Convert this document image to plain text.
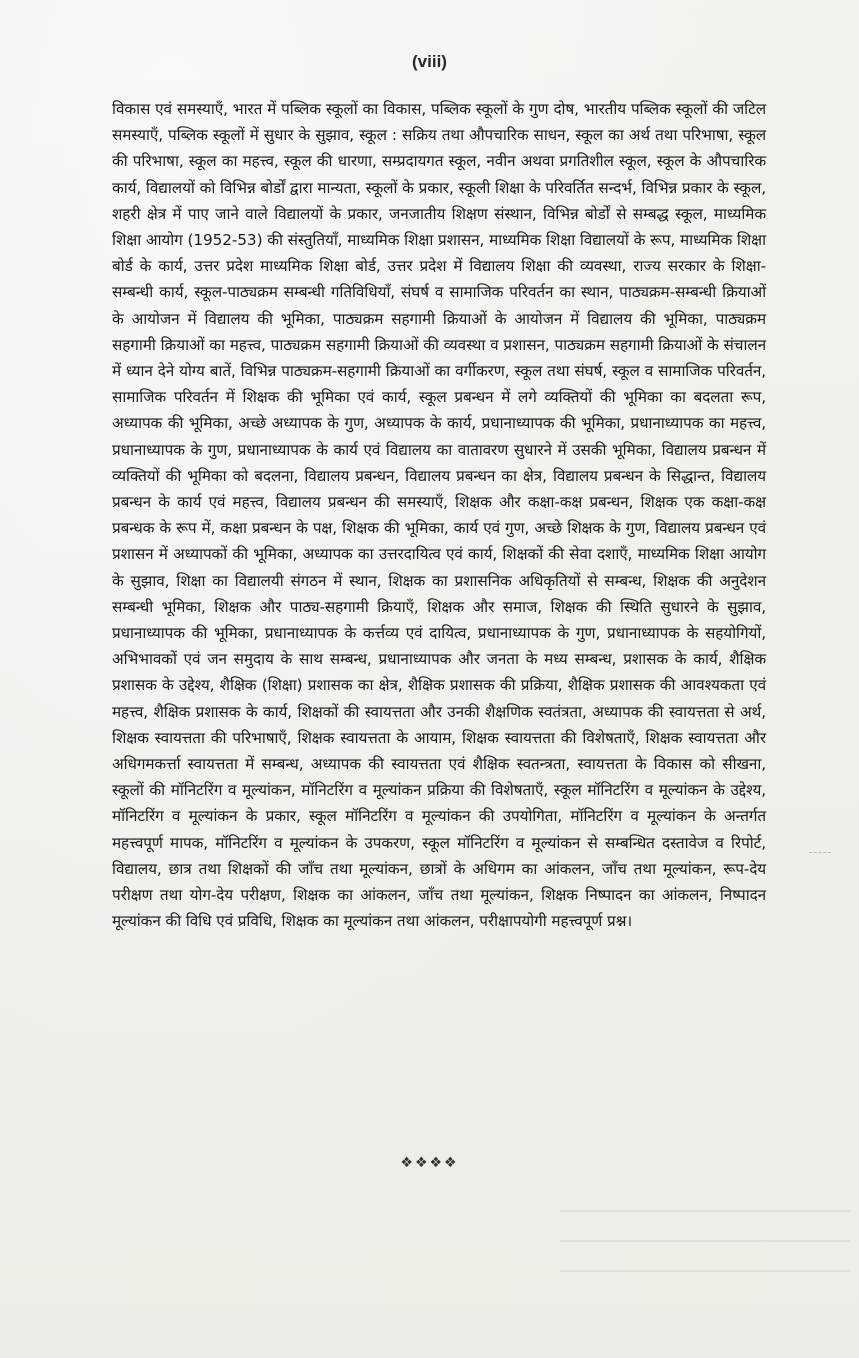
(viii)

विकास एवं समस्याएँ, भारत में पब्लिक स्कूलों का विकास, पब्लिक स्कूलों के गुण दोष, भारतीय पब्लिक स्कूलों की जटिल समस्याएँ, पब्लिक स्कूलों में सुधार के सुझाव, स्कूल : सक्रिय तथा औपचारिक साधन, स्कूल का अर्थ तथा परिभाषा, स्कूल की परिभाषा, स्कूल का महत्त्व, स्कूल की धारणा, सम्प्रदायगत स्कूल, नवीन अथवा प्रगतिशील स्कूल, स्कूल के औपचारिक कार्य, विद्यालयों को विभिन्न बोर्डों द्वारा मान्यता, स्कूलों के प्रकार, स्कूली शिक्षा के परिवर्तित सन्दर्भ, विभिन्न प्रकार के स्कूल, शहरी क्षेत्र में पाए जाने वाले विद्यालयों के प्रकार, जनजातीय शिक्षण संस्थान, विभिन्न बोर्डों से सम्बद्ध स्कूल, माध्यमिक शिक्षा आयोग (1952-53) की संस्तुतियाँ, माध्यमिक शिक्षा प्रशासन, माध्यमिक शिक्षा विद्यालयों के रूप, माध्यमिक शिक्षा बोर्ड के कार्य, उत्तर प्रदेश माध्यमिक शिक्षा बोर्ड, उत्तर प्रदेश में विद्यालय शिक्षा की व्यवस्था, राज्य सरकार के शिक्षा-सम्बन्धी कार्य, स्कूल-पाठ्यक्रम सम्बन्धी गतिविधियाँ, संघर्ष व सामाजिक परिवर्तन का स्थान, पाठ्यक्रम-सम्बन्धी क्रियाओं के आयोजन में विद्यालय की भूमिका, पाठ्यक्रम सहगामी क्रियाओं के आयोजन में विद्यालय की भूमिका, पाठ्यक्रम सहगामी क्रियाओं का महत्त्व, पाठ्यक्रम सहगामी क्रियाओं की व्यवस्था व प्रशासन, पाठ्यक्रम सहगामी क्रियाओं के संचालन में ध्यान देने योग्य बातें, विभिन्न पाठ्यक्रम-सहगामी क्रियाओं का वर्गीकरण, स्कूल तथा संघर्ष, स्कूल व सामाजिक परिवर्तन, सामाजिक परिवर्तन में शिक्षक की भूमिका एवं कार्य, स्कूल प्रबन्धन में लगे व्यक्तियों की भूमिका का बदलता रूप, अध्यापक की भूमिका, अच्छे अध्यापक के गुण, अध्यापक के कार्य, प्रधानाध्यापक की भूमिका, प्रधानाध्यापक का महत्त्व, प्रधानाध्यापक के गुण, प्रधानाध्यापक के कार्य एवं विद्यालय का वातावरण सुधारने में उसकी भूमिका, विद्यालय प्रबन्धन में व्यक्तियों की भूमिका को बदलना, विद्यालय प्रबन्धन, विद्यालय प्रबन्धन का क्षेत्र, विद्यालय प्रबन्धन के सिद्धान्त, विद्यालय प्रबन्धन के कार्य एवं महत्त्व, विद्यालय प्रबन्धन की समस्याएँ, शिक्षक और कक्षा-कक्ष प्रबन्धन, शिक्षक एक कक्षा-कक्ष प्रबन्धक के रूप में, कक्षा प्रबन्धन के पक्ष, शिक्षक की भूमिका, कार्य एवं गुण, अच्छे शिक्षक के गुण, विद्यालय प्रबन्धन एवं प्रशासन में अध्यापकों की भूमिका, अध्यापक का उत्तरदायित्व एवं कार्य, शिक्षकों की सेवा दशाएँ, माध्यमिक शिक्षा आयोग के सुझाव, शिक्षा का विद्यालयी संगठन में स्थान, शिक्षक का प्रशासनिक अधिकृतियों से सम्बन्ध, शिक्षक की अनुदेशन सम्बन्धी भूमिका, शिक्षक और पाठ्य-सहगामी क्रियाएँ, शिक्षक और समाज, शिक्षक की स्थिति सुधारने के सुझाव, प्रधानाध्यापक की भूमिका, प्रधानाध्यापक के कर्त्तव्य एवं दायित्व, प्रधानाध्यापक के गुण, प्रधानाध्यापक के सहयोगियों, अभिभावकों एवं जन समुदाय के साथ सम्बन्ध, प्रधानाध्यापक और जनता के मध्य सम्बन्ध, प्रशासक के कार्य, शैक्षिक प्रशासक के उद्देश्य, शैक्षिक (शिक्षा) प्रशासक का क्षेत्र, शैक्षिक प्रशासक की प्रक्रिया, शैक्षिक प्रशासक की आवश्यकता एवं महत्त्व, शैक्षिक प्रशासक के कार्य, शिक्षकों की स्वायत्तता और उनकी शैक्षणिक स्वतंत्रता, अध्यापक की स्वायत्तता से अर्थ, शिक्षक स्वायत्तता की परिभाषाएँ, शिक्षक स्वायत्तता के आयाम, शिक्षक स्वायत्तता की विशेषताएँ, शिक्षक स्वायत्तता और अधिगमकर्त्ता स्वायत्तता में सम्बन्ध, अध्यापक की स्वायत्तता एवं शैक्षिक स्वतन्त्रता, स्वायत्तता के विकास को सीखना, स्कूलों की मॉनिटरिंग व मूल्यांकन, मॉनिटरिंग व मूल्यांकन प्रक्रिया की विशेषताएँ, स्कूल मॉनिटरिंग व मूल्यांकन के उद्देश्य, मॉनिटरिंग व मूल्यांकन के प्रकार, स्कूल मॉनिटरिंग व मूल्यांकन की उपयोगिता, मॉनिटरिंग व मूल्यांकन के अन्तर्गत महत्त्वपूर्ण मापक, मॉनिटरिंग व मूल्यांकन के उपकरण, स्कूल मॉनिटरिंग व मूल्यांकन से सम्बन्धित दस्तावेज व रिपोर्ट, विद्यालय, छात्र तथा शिक्षकों की जाँच तथा मूल्यांकन, छात्रों के अधिगम का आंकलन, जाँच तथा मूल्यांकन, रूप-देय परीक्षण तथा योग-देय परीक्षण, शिक्षक का आंकलन, जाँच तथा मूल्यांकन, शिक्षक निष्पादन का आंकलन, निष्पादन मूल्यांकन की विधि एवं प्रविधि, शिक्षक का मूल्यांकन तथा आंकलन, परीक्षापयोगी महत्त्वपूर्ण प्रश्न।

❖❖❖❖
